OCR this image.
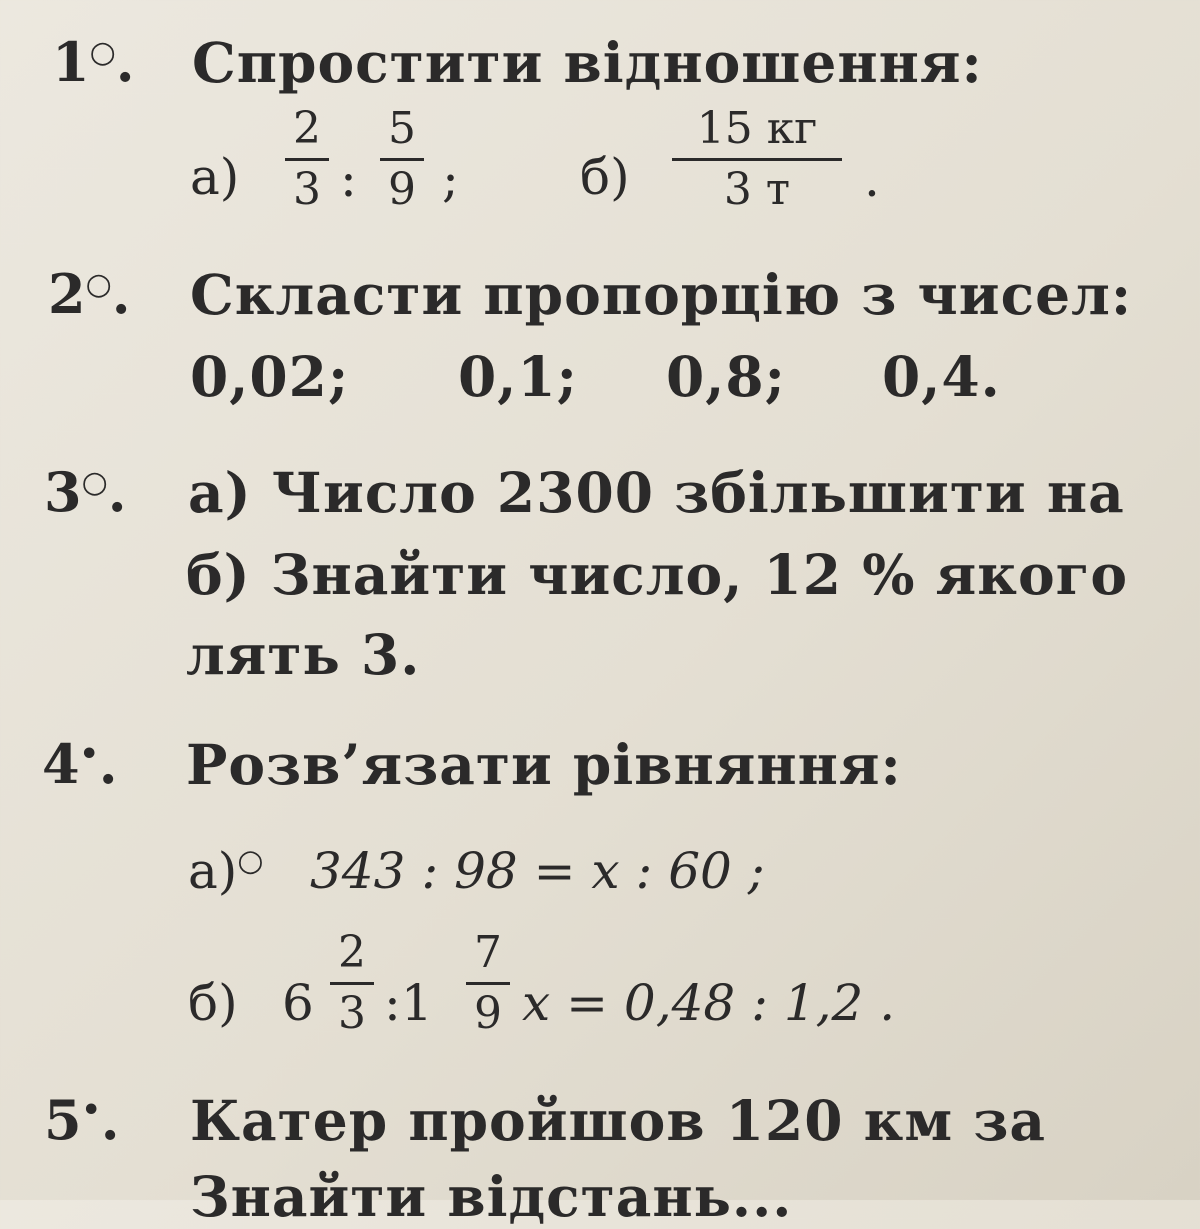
1○. Спростити відношення:
а)
2
3 :
5
9 ; б)
15 кг
3 т .
2○. Скласти пропорцію з чисел:
0,02; 0,1; 0,8; 0,4.
3○. а) Число 2300 збільшити на
б) Знайти число, 12 % якого
лять 3.
4•. Розв’язати рівняння:
а)○ 343 : 98 = x : 60 ;
б) 6
2
3 :1
7
9 x = 0,48 : 1,2 .
5•. Катер пройшов 120 км за
Знайти відстань...
